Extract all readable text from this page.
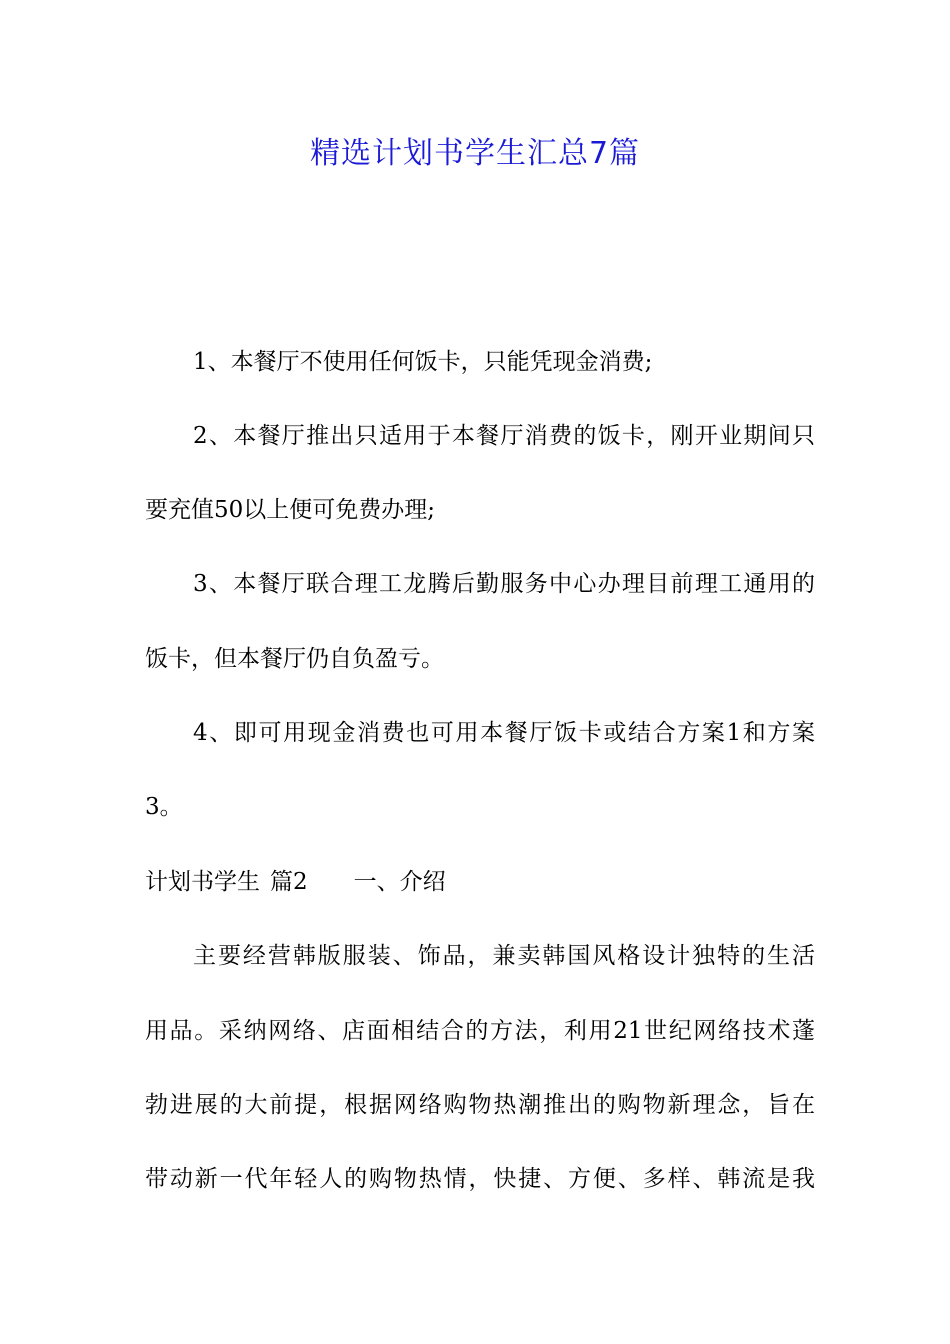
精选计划书学生汇总7篇
1、本餐厅不使用任何饭卡，只能凭现金消费;
2、本餐厅推出只适用于本餐厅消费的饭卡，刚开业期间只
要充值50以上便可免费办理;
3、本餐厅联合理工龙腾后勤服务中心办理目前理工通用的
饭卡，但本餐厅仍自负盈亏。
4、即可用现金消费也可用本餐厅饭卡或结合方案1和方案
3。
计划书学生 篇2 一、介绍
主要经营韩版服装、饰品，兼卖韩国风格设计独特的生活
用品。采纳网络、店面相结合的方法，利用21世纪网络技术蓬
勃进展的大前提，根据网络购物热潮推出的购物新理念，旨在
带动新一代年轻人的购物热情，快捷、方便、多样、韩流是我
